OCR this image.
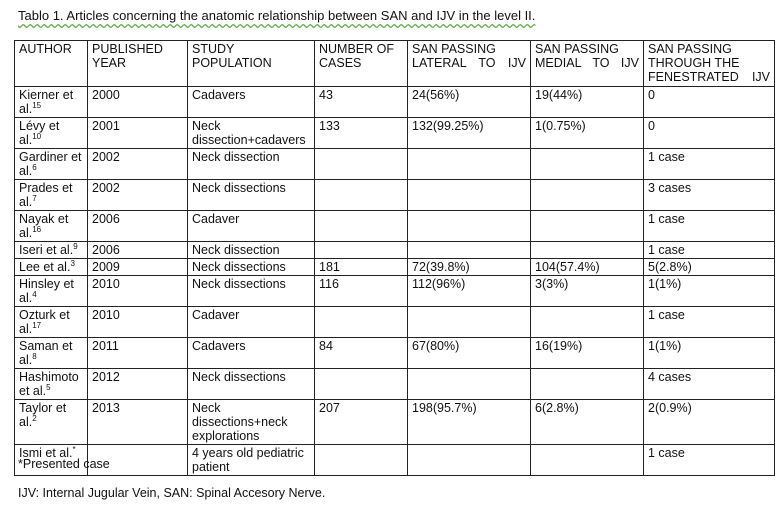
Tablo 1. Articles concerning the anatomic relationship between SAN and IJV in the level II.
AUTHOR	PUBLISHED YEAR	STUDY POPULATION	NUMBER OF CASES	SAN PASSING LATERAL TO IJV	SAN PASSING MEDIAL TO IJV	SAN PASSING THROUGH THE FENESTRATED IJV
Kierner et al.$^{15}$	2000	Cadavers	43	24(56%)	19(44%)	0
Lévy et al.$^{10}$	2001	Neck dissection+cadavers	133	132(99.25%)	1(0.75%)	0
Gardiner et al.$^6$	2002	Neck dissection				1 case
Prades et al.$^7$	2002	Neck dissections				3 cases
Nayak et al.$^{16}$	2006	Cadaver				1 case
Iseri et al.$^9$	2006	Neck dissection				1 case
Lee et al.$^3$	2009	Neck dissections	181	72(39.8%)	104(57.4%)	5(2.8%)
Hinsley et al.$^4$	2010	Neck dissections	116	112(96%)	3(3%)	1(1%)
Ozturk et al.$^{17}$	2010	Cadaver				1 case
Saman et al.$^8$	2011	Cadavers	84	67(80%)	16(19%)	1(1%)
Hashimoto et al.$^5$	2012	Neck dissections				4 cases
Taylor et al.$^2$	2013	Neck dissections+neck explorations	207	198(95.7%)	6(2.8%)	2(0.9%)
Ismi et al.*		4 years old pediatric patient				1 case
*Presented case
IJV: Internal Jugular Vein, SAN: Spinal Accesory Nerve.
